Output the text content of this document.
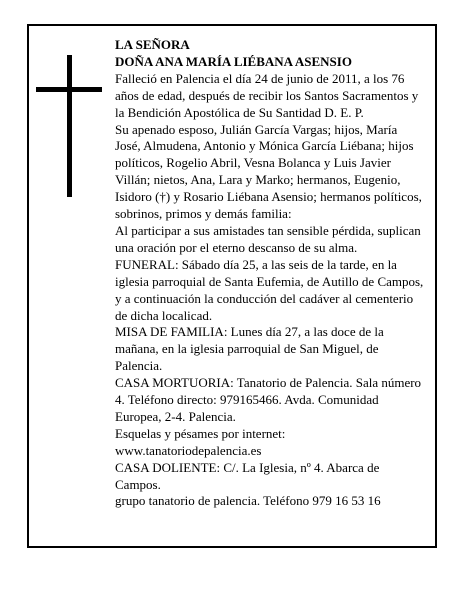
LA SEÑORA

DOÑA ANA MARÍA LIÉBANA ASENSIO

Falleció en Palencia el día 24 de junio de 2011, a los 76 años de edad, después de recibir los Santos Sacramentos y la Bendición Apostólica de Su Santidad D. E. P.

Su apenado esposo, Julián García Vargas; hijos, María José, Almudena, Antonio y Mónica García Liébana; hijos políticos, Rogelio Abril, Vesna Bolanca y Luis Javier Villán; nietos, Ana, Lara y Marko; hermanos, Eugenio, Isidoro (†) y Rosario Liébana Asensio; hermanos políticos, sobrinos, primos y demás familia:

Al participar a sus amistades tan sensible pérdida, suplican una oración por el eterno descanso de su alma.

FUNERAL: Sábado día 25, a las seis de la tarde, en la iglesia parroquial de Santa Eufemia, de Autillo de Campos, y a continuación la conducción del cadáver al cementerio de dicha localicad.

MISA DE FAMILIA: Lunes día 27, a las doce de la mañana, en la iglesia parroquial de San Miguel, de Palencia.

CASA MORTUORIA: Tanatorio de Palencia. Sala número 4. Teléfono directo: 979165466. Avda. Comunidad Europea, 2-4. Palencia.

Esquelas y pésames por internet:

www.tanatoriodepalencia.es

CASA DOLIENTE: C/. La Iglesia, nº 4. Abarca de Campos.

grupo tanatorio de palencia. Teléfono 979 16 53 16
